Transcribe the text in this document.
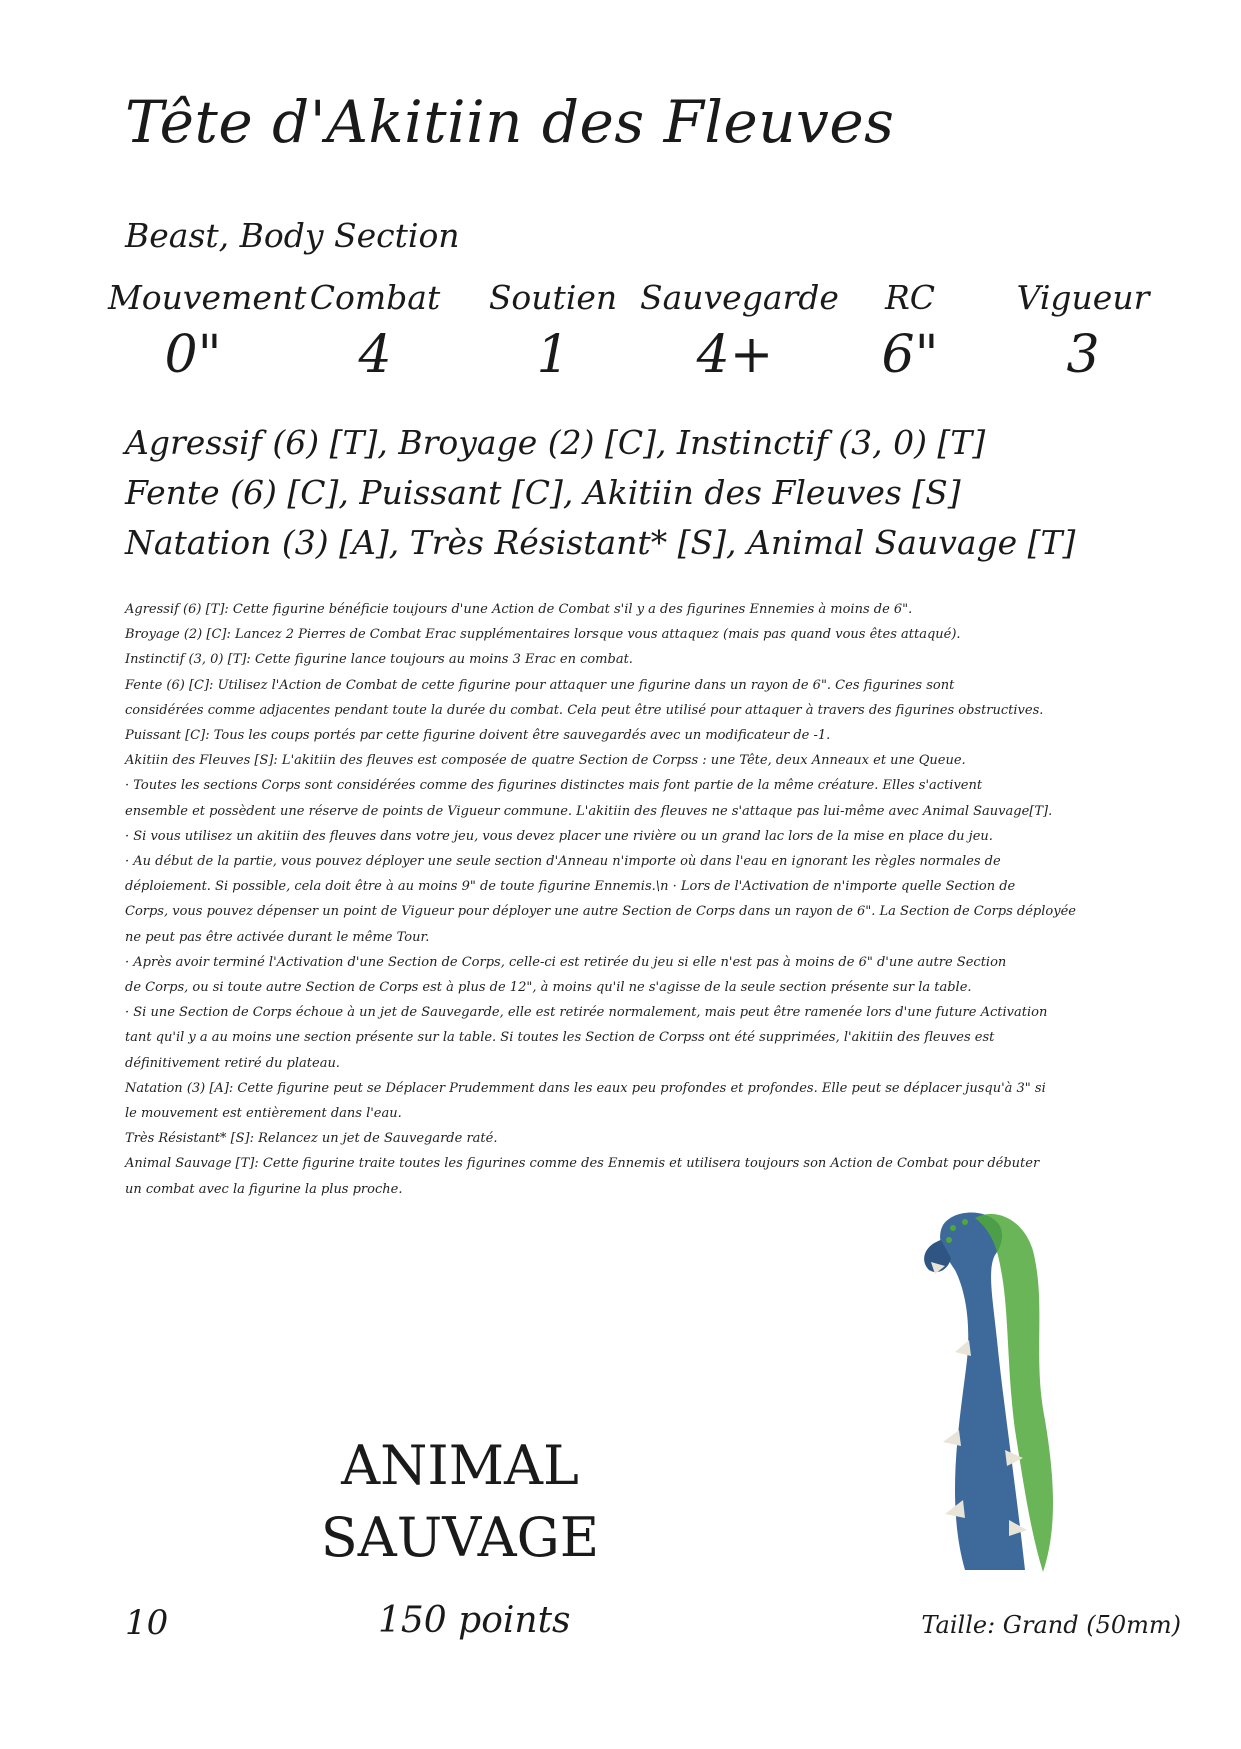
Tête d'Akitiin des Fleuves
Beast, Body Section
Mouvement
0"
Combat
4
Soutien
1
Sauvegarde
4+
RC
6"
Vigueur
3
Agressif (6) [T], Broyage (2) [C], Instinctif (3, 0) [T]
Fente (6) [C], Puissant [C], Akitiin des Fleuves [S]
Natation (3) [A], Très Résistant* [S], Animal Sauvage [T]

Agressif (6) [T]: Cette figurine bénéficie toujours d'une Action de Combat s'il y a des figurines Ennemies à moins de 6".

Broyage (2) [C]: Lancez 2 Pierres de Combat Erac supplémentaires lorsque vous attaquez (mais pas quand vous êtes attaqué).

Instinctif (3, 0) [T]: Cette figurine lance toujours au moins 3 Erac en combat.

Fente (6) [C]: Utilisez l'Action de Combat de cette figurine pour attaquer une figurine dans un rayon de 6". Ces figurines sont

considérées comme adjacentes pendant toute la durée du combat. Cela peut être utilisé pour attaquer à travers des figurines obstructives.

Puissant [C]: Tous les coups portés par cette figurine doivent être sauvegardés avec un modificateur de -1.

Akitiin des Fleuves [S]: L'akitiin des fleuves est composée de quatre Section de Corpss : une Tête, deux Anneaux et une Queue.

· Toutes les sections Corps sont considérées comme des figurines distinctes mais font partie de la même créature. Elles s'activent

ensemble et possèdent une réserve de points de Vigueur commune. L'akitiin des fleuves ne s'attaque pas lui-même avec Animal Sauvage[T].

· Si vous utilisez un akitiin des fleuves dans votre jeu, vous devez placer une rivière ou un grand lac lors de la mise en place du jeu.

· Au début de la partie, vous pouvez déployer une seule section d'Anneau n'importe où dans l'eau en ignorant les règles normales de

déploiement. Si possible, cela doit être à au moins 9" de toute figurine Ennemis.\n · Lors de l'Activation de n'importe quelle Section de

Corps, vous pouvez dépenser un point de Vigueur pour déployer une autre Section de Corps dans un rayon de 6". La Section de Corps déployée

ne peut pas être activée durant le même Tour.

· Après avoir terminé l'Activation d'une Section de Corps, celle-ci est retirée du jeu si elle n'est pas à moins de 6" d'une autre Section

de Corps, ou si toute autre Section de Corps est à plus de 12", à moins qu'il ne s'agisse de la seule section présente sur la table.

· Si une Section de Corps échoue à un jet de Sauvegarde, elle est retirée normalement, mais peut être ramenée lors d'une future Activation

tant qu'il y a au moins une section présente sur la table. Si toutes les Section de Corpss ont été supprimées, l'akitiin des fleuves est

définitivement retiré du plateau.

Natation (3) [A]: Cette figurine peut se Déplacer Prudemment dans les eaux peu profondes et profondes. Elle peut se déplacer jusqu'à 3" si

le mouvement est entièrement dans l'eau.

Très Résistant* [S]: Relancez un jet de Sauvegarde raté.

Animal Sauvage [T]: Cette figurine traite toutes les figurines comme des Ennemis et utilisera toujours son Action de Combat pour débuter

un combat avec la figurine la plus proche.

ANIMAL
SAUVAGE
10	150 points	Taille: Grand (50mm)
